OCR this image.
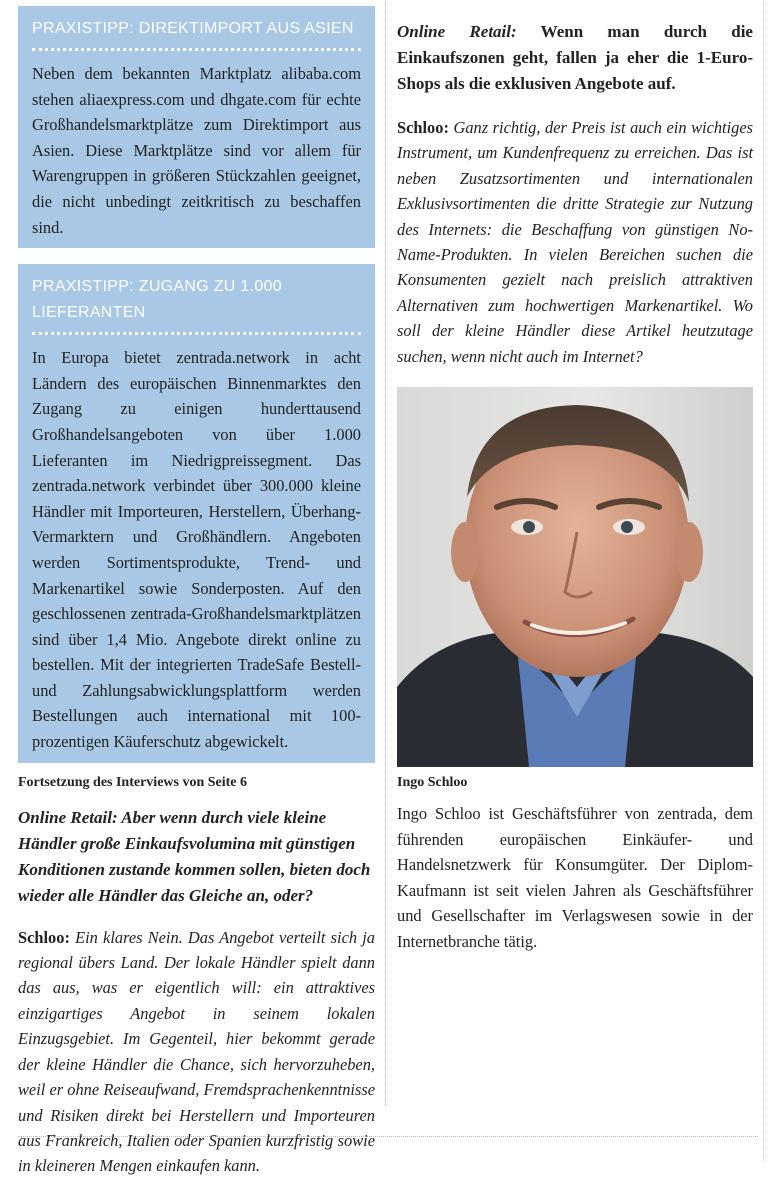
PRAXISTIPP: DIREKTIMPORT AUS ASIEN
Neben dem bekannten Marktplatz alibaba.com stehen aliaexpress.com und dhgate.com für echte Großhandelsmarktplätze zum Direktimport aus Asien. Diese Marktplätze sind vor allem für Warengruppen in größeren Stückzahlen geeignet, die nicht unbedingt zeitkritisch zu beschaffen sind.
PRAXISTIPP: ZUGANG ZU 1.000 LIEFERANTEN
In Europa bietet zentrada.network in acht Ländern des europäischen Binnenmarktes den Zugang zu einigen hunderttausend Großhandelsangeboten von über 1.000 Lieferanten im Niedrigpreissegment. Das zentrada.network verbindet über 300.000 kleine Händler mit Importeuren, Herstellern, Überhang-Vermarktern und Großhändlern. Angeboten werden Sortimentsprodukte, Trend- und Markenartikel sowie Sonderposten. Auf den geschlossenen zentrada-Großhandelsmarktplätzen sind über 1,4 Mio. Angebote direkt online zu bestellen. Mit der integrierten TradeSafe Bestell- und Zahlungsabwicklungsplattform werden Bestellungen auch international mit 100-prozentigen Käuferschutz abgewickelt.
Fortsetzung des Interviews von Seite 6

Online Retail: Aber wenn durch viele kleine Händler große Einkaufsvolumina mit günstigen Konditionen zustande kommen sollen, bieten doch wieder alle Händler das Gleiche an, oder?

Schloo: Ein klares Nein. Das Angebot verteilt sich ja regional übers Land. Der lokale Händler spielt dann das aus, was er eigentlich will: ein attraktives einzigartiges Angebot in seinem lokalen Einzugsgebiet. Im Gegenteil, hier bekommt gerade der kleine Händler die Chance, sich hervorzuheben, weil er ohne Reiseaufwand, Fremdsprachenkenntnisse und Risiken direkt bei Herstellern und Importeuren aus Frankreich, Italien oder Spanien kurzfristig sowie in kleineren Mengen einkaufen kann.

Online Retail: Wenn man durch die Einkaufszonen geht, fallen ja eher die 1-Euro-Shops als die exklusiven Angebote auf.

Schloo: Ganz richtig, der Preis ist auch ein wichtiges Instrument, um Kundenfrequenz zu erreichen. Das ist neben Zusatzsortimenten und internationalen Exklusivsortimenten die dritte Strategie zur Nutzung des Internets: die Beschaffung von günstigen No-Name-Produkten. In vielen Bereichen suchen die Konsumenten gezielt nach preislich attraktiven Alternativen zum hochwertigen Markenartikel. Wo soll der kleine Händler diese Artikel heutzutage suchen, wenn nicht auch im Internet?

Ingo Schloo
Ingo Schloo ist Geschäftsführer von zentrada, dem führenden europäischen Einkäufer- und Handelsnetzwerk für Konsumgüter. Der Diplom-Kaufmann ist seit vielen Jahren als Geschäftsführer und Gesellschafter im Verlagswesen sowie in der Internetbranche tätig.
